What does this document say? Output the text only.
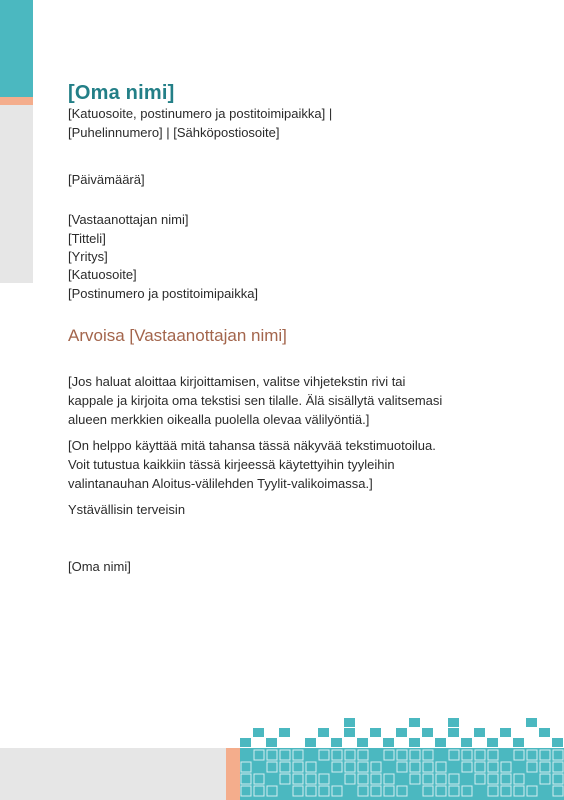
[Oma nimi]
[Katuosoite, postinumero ja postitoimipaikka] |
[Puhelinnumero] | [Sähköpostiosoite]
[Päivämäärä]
[Vastaanottajan nimi]
[Titteli]
[Yritys]
[Katuosoite]
[Postinumero ja postitoimipaikka]
Arvoisa [Vastaanottajan nimi]
[Jos haluat aloittaa kirjoittamisen, valitse vihjetekstin rivi tai
kappale ja kirjoita oma tekstisi sen tilalle. Älä sisällytä valitsemasi
alueen merkkien oikealla puolella olevaa välilyöntiä.]
[On helppo käyttää mitä tahansa tässä näkyvää tekstimuotoilua.
Voit tutustua kaikkiin tässä kirjeessä käytettyihin tyyleihin
valintanauhan Aloitus-välilehden Tyylit-valikoimassa.]
Ystävällisin terveisin
[Oma nimi]
